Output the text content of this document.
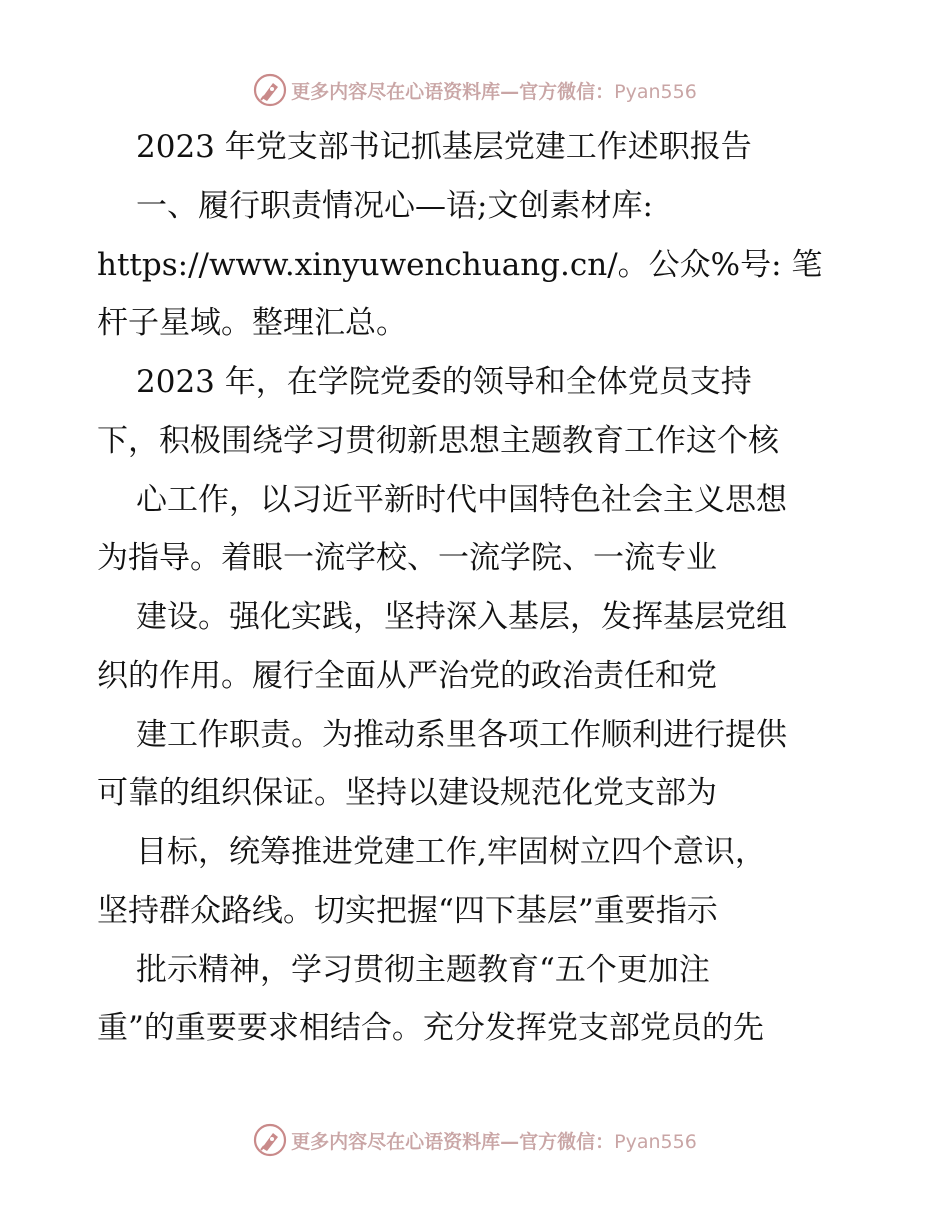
更多内容尽在心语资料库—官方微信：Pyan556
2023 年党支部书记抓基层党建工作述职报告
一、履行职责情况心—语;文创素材库:
https://www.xinyuwenchuang.cn/。公众%号: 笔
杆子星域。整理汇总。
2023 年，在学院党委的领导和全体党员支持
下，积极围绕学习贯彻新思想主题教育工作这个核
心工作，以习近平新时代中国特色社会主义思想
为指导。着眼一流学校、一流学院、一流专业
建设。强化实践，坚持深入基层，发挥基层党组
织的作用。履行全面从严治党的政治责任和党
建工作职责。为推动系里各项工作顺利进行提供
可靠的组织保证。坚持以建设规范化党支部为
目标，统筹推进党建工作,牢固树立四个意识，
坚持群众路线。切实把握“四下基层”重要指示
批示精神，学习贯彻主题教育“五个更加注
重”的重要要求相结合。充分发挥党支部党员的先
更多内容尽在心语资料库—官方微信：Pyan556
